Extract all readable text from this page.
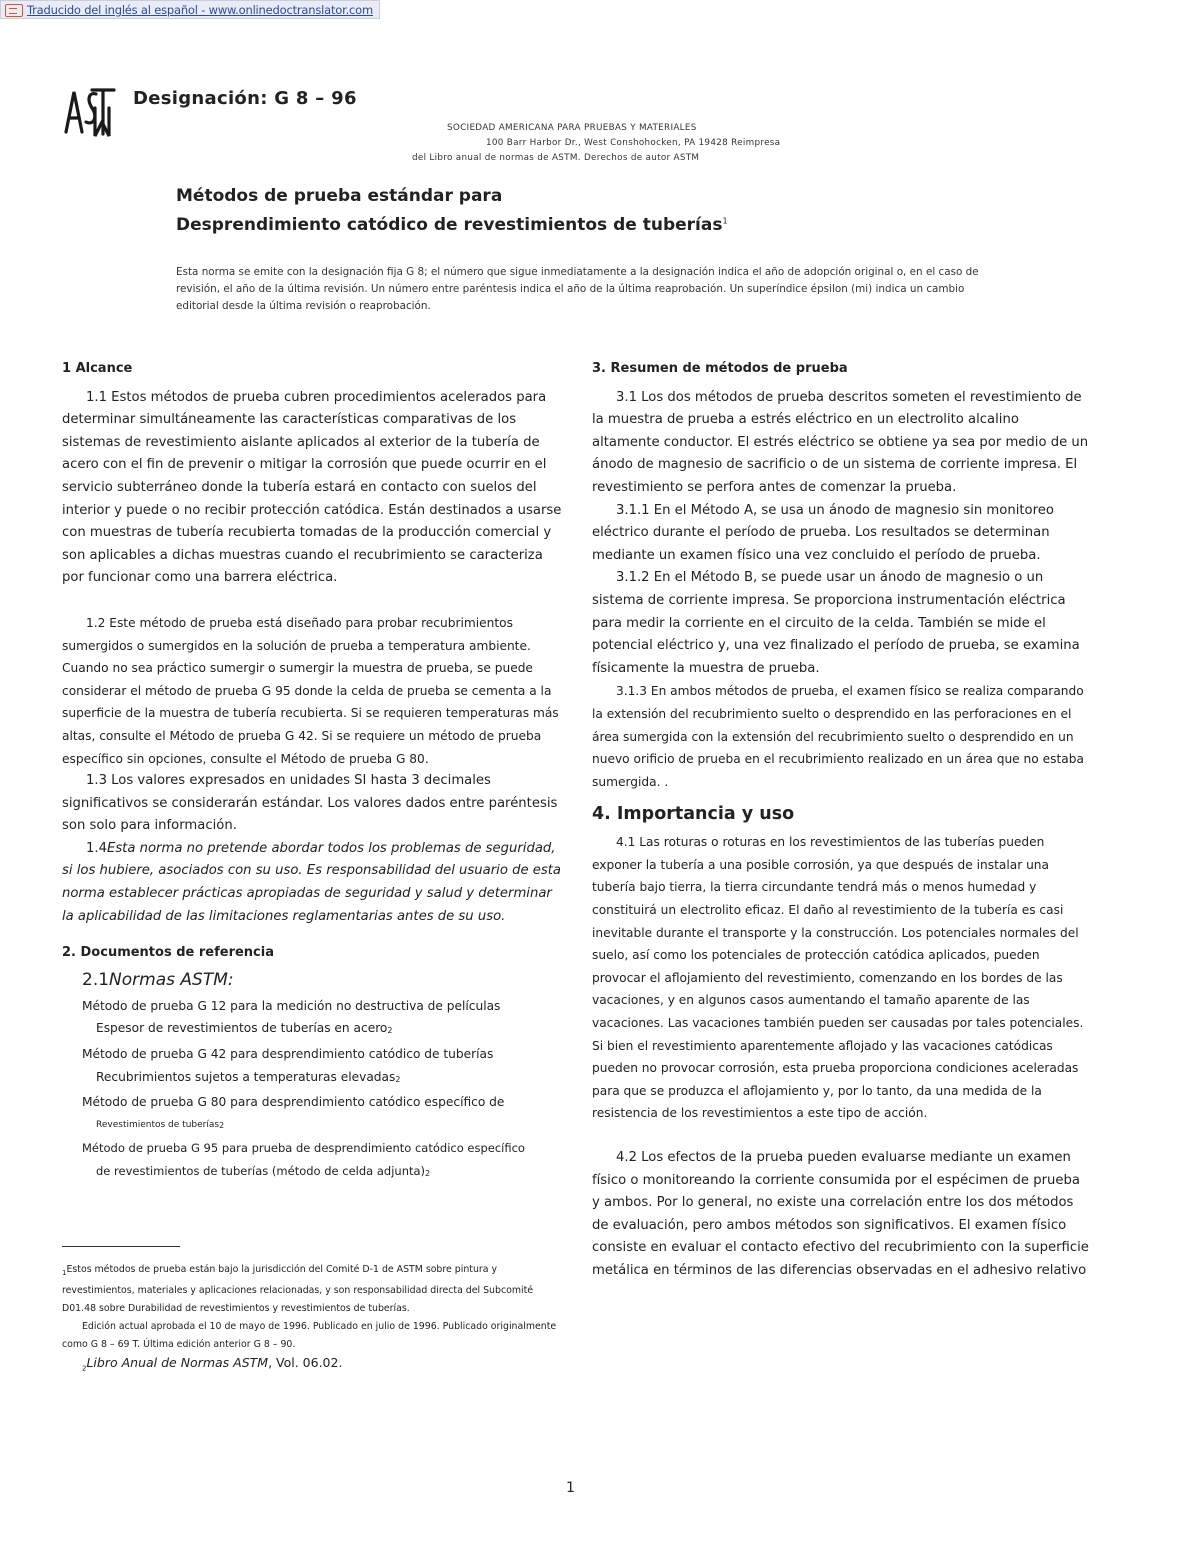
Traducido del inglés al español - www.onlinedoctranslator.com
Designación: G 8 – 96
SOCIEDAD AMERICANA PARA PRUEBAS Y MATERIALES
100 Barr Harbor Dr., West Conshohocken, PA 19428 Reimpresa
del Libro anual de normas de ASTM. Derechos de autor ASTM
Métodos de prueba estándar para
Desprendimiento catódico de revestimientos de tuberías$^1$
Esta norma se emite con la designación fija G 8; el número que sigue inmediatamente a la designación indica el año de adopción original o, en el caso de revisión, el año de la última revisión. Un número entre paréntesis indica el año de la última reaprobación. Un superíndice épsilon (mi) indica un cambio editorial desde la última revisión o reaprobación.

1 Alcance

1.1 Estos métodos de prueba cubren procedimientos acelerados para determinar simultáneamente las características comparativas de los sistemas de revestimiento aislante aplicados al exterior de la tubería de acero con el fin de prevenir o mitigar la corrosión que puede ocurrir en el servicio subterráneo donde la tubería estará en contacto con suelos del interior y puede o no recibir protección catódica. Están destinados a usarse con muestras de tubería recubierta tomadas de la producción comercial y son aplicables a dichas muestras cuando el recubrimiento se caracteriza por funcionar como una barrera eléctrica.

1.2 Este método de prueba está diseñado para probar recubrimientos sumergidos o sumergidos en la solución de prueba a temperatura ambiente. Cuando no sea práctico sumergir o sumergir la muestra de prueba, se puede considerar el método de prueba G 95 donde la celda de prueba se cementa a la superficie de la muestra de tubería recubierta. Si se requieren temperaturas más altas, consulte el Método de prueba G 42. Si se requiere un método de prueba específico sin opciones, consulte el Método de prueba G 80.

1.3 Los valores expresados en unidades SI hasta 3 decimales significativos se considerarán estándar. Los valores dados entre paréntesis son solo para información.

1.4Esta norma no pretende abordar todos los problemas de seguridad, si los hubiere, asociados con su uso. Es responsabilidad del usuario de esta norma establecer prácticas apropiadas de seguridad y salud y determinar la aplicabilidad de las limitaciones reglamentarias antes de su uso.

2. Documentos de referencia

2.1Normas ASTM:

Método de prueba G 12 para la medición no destructiva de películas

Espesor de revestimientos de tuberías en acero$_2$

Método de prueba G 42 para desprendimiento catódico de tuberías

Recubrimientos sujetos a temperaturas elevadas$_2$

Método de prueba G 80 para desprendimiento catódico específico de

Revestimientos de tuberías$_2$

Método de prueba G 95 para prueba de desprendimiento catódico específico

de revestimientos de tuberías (método de celda $adjunta)_2$

$_1$Estos métodos de prueba están bajo la jurisdicción del Comité D-1 de ASTM sobre pintura y revestimientos, materiales y aplicaciones relacionadas, y son responsabilidad directa del Subcomité D01.48 sobre Durabilidad de revestimientos y revestimientos de tuberías.

Edición actual aprobada el 10 de mayo de 1996. Publicado en julio de 1996. Publicado originalmente como G 8 – 69 T. Última edición anterior G 8 – 90.

$_2$Libro Anual de Normas ASTM, Vol. 06.02.

3. Resumen de métodos de prueba

3.1 Los dos métodos de prueba descritos someten el revestimiento de la muestra de prueba a estrés eléctrico en un electrolito alcalino altamente conductor. El estrés eléctrico se obtiene ya sea por medio de un ánodo de magnesio de sacrificio o de un sistema de corriente impresa. El revestimiento se perfora antes de comenzar la prueba.

3.1.1 En el Método A, se usa un ánodo de magnesio sin monitoreo eléctrico durante el período de prueba. Los resultados se determinan mediante un examen físico una vez concluido el período de prueba.

3.1.2 En el Método B, se puede usar un ánodo de magnesio o un sistema de corriente impresa. Se proporciona instrumentación eléctrica para medir la corriente en el circuito de la celda. También se mide el potencial eléctrico y, una vez finalizado el período de prueba, se examina físicamente la muestra de prueba.

3.1.3 En ambos métodos de prueba, el examen físico se realiza comparando la extensión del recubrimiento suelto o desprendido en las perforaciones en el área sumergida con la extensión del recubrimiento suelto o desprendido en un nuevo orificio de prueba en el recubrimiento realizado en un área que no estaba sumergida. .

4. Importancia y uso

4.1 Las roturas o roturas en los revestimientos de las tuberías pueden exponer la tubería a una posible corrosión, ya que después de instalar una tubería bajo tierra, la tierra circundante tendrá más o menos humedad y constituirá un electrolito eficaz. El daño al revestimiento de la tubería es casi inevitable durante el transporte y la construcción. Los potenciales normales del suelo, así como los potenciales de protección catódica aplicados, pueden provocar el aflojamiento del revestimiento, comenzando en los bordes de las vacaciones, y en algunos casos aumentando el tamaño aparente de las vacaciones. Las vacaciones también pueden ser causadas por tales potenciales. Si bien el revestimiento aparentemente aflojado y las vacaciones catódicas pueden no provocar corrosión, esta prueba proporciona condiciones aceleradas para que se produzca el aflojamiento y, por lo tanto, da una medida de la resistencia de los revestimientos a este tipo de acción.

4.2 Los efectos de la prueba pueden evaluarse mediante un examen físico o monitoreando la corriente consumida por el espécimen de prueba y ambos. Por lo general, no existe una correlación entre los dos métodos de evaluación, pero ambos métodos son significativos. El examen físico consiste en evaluar el contacto efectivo del recubrimiento con la superficie metálica en términos de las diferencias observadas en el adhesivo relativo

1
